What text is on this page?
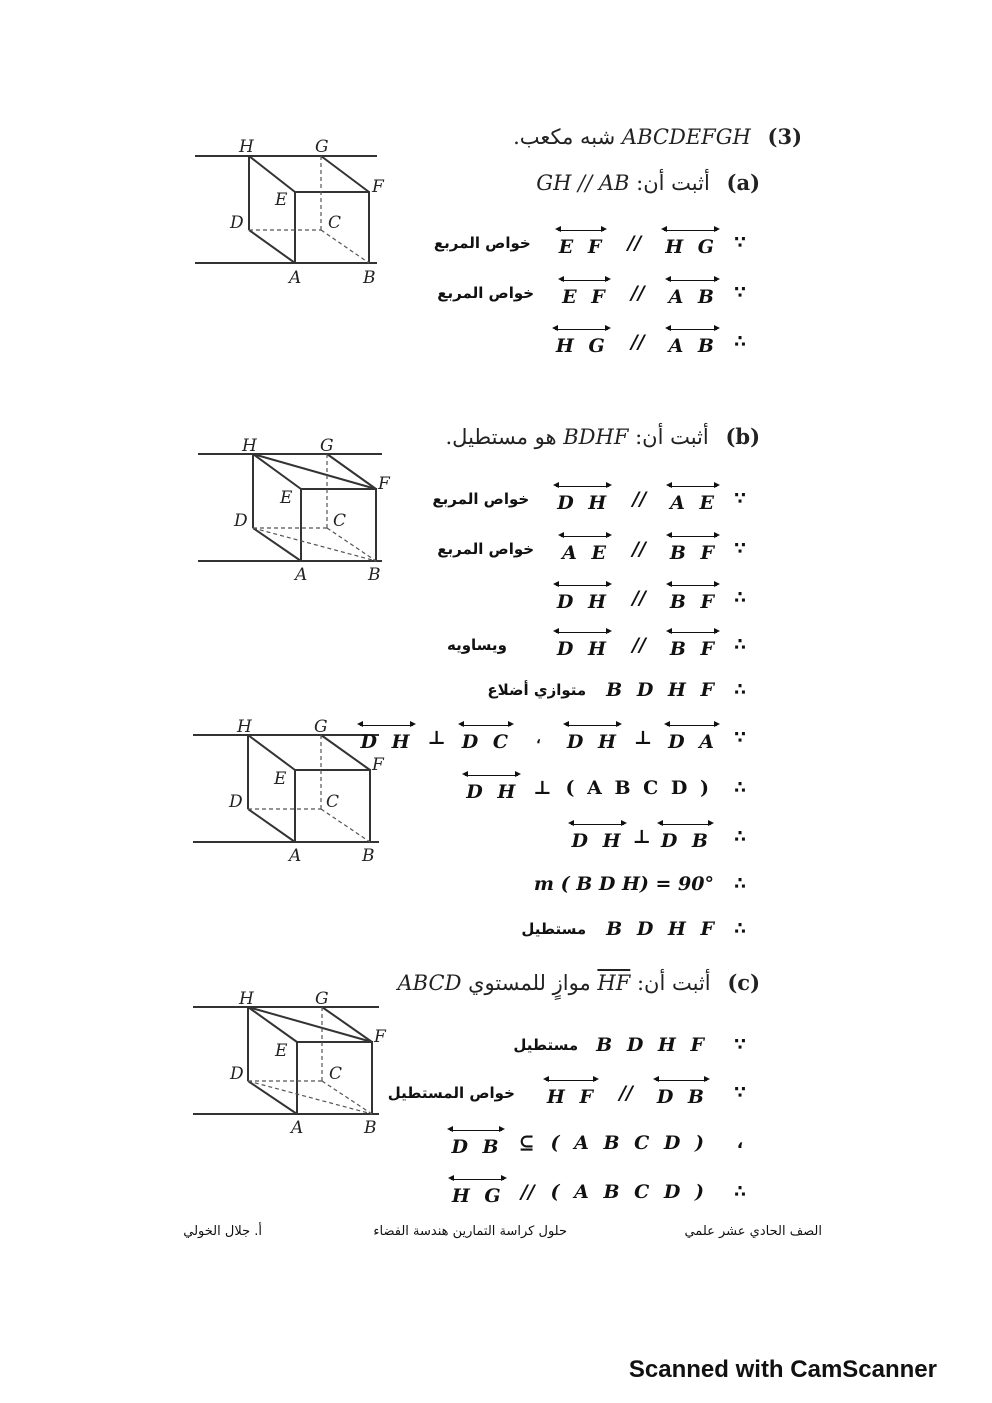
H	G
F
E
D	C
A	B
(3) ABCDEFGH شبه مكعب.
(a) أثبت أن: GH // AB
خواص المربع E F // H G ∵
خواص المربع E F // A B ∵
H G // A B ∴
H	G
F
E
D	C
A	B
(b) أثبت أن: BDHF هو مستطيل.
خواص المربع D H // A E ∵
خواص المربع A E // B F ∵
D H // B F ∴
ويساويه	D H // B F ∴
متوازي أضلاع B D H F ∴
H	G
F
E
D	C
A	B
D H ⊥ D C ، D H ⊥ D A ∵
D H ⊥ ( A B C D )	∴
D H ⊥ D B	∴
m ( B D H) = 90°	∴
مستطيل B D H F ∴
H	G
F
E
D	C
A	B
(c) أثبت أن: HF موازٍ للمستوي ABCD
مستطيل B D H F	∵
خواص المستطيل H F // D B	∵
D B ⊆ ( A B C D )	،
H G // ( A B C D )	∴
الصف الحادي عشر علمي
حلول كراسة التمارين هندسة الفضاء
أ. جلال الخولي
Scanned with CamScanner
